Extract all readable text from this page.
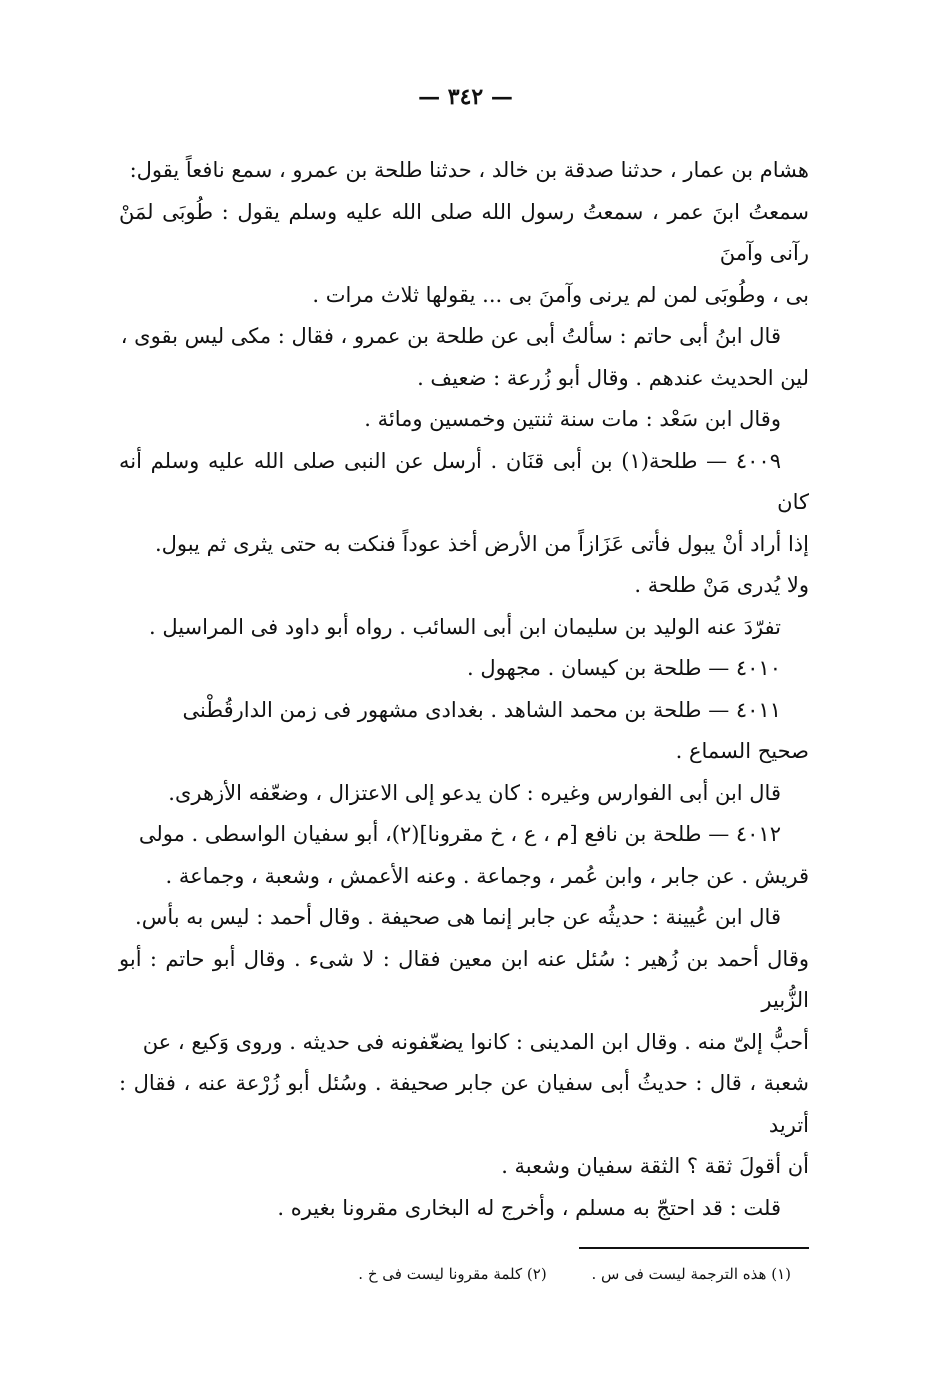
— ٣٤٢ —

هشام بن عمار ، حدثنا صدقة بن خالد ، حدثنا طلحة بن عمرو ، سمع نافعاً يقول:

سمعتُ ابنَ عمر ، سمعتُ رسول الله صلى الله عليه وسلم يقول : طُوبَى لمَنْ رآنى وآمنَ

بى ، وطُوبَى لمن لم يرنى وآمنَ بى ... يقولها ثلاث مرات .

قال ابنُ أبى حاتم : سألتُ أبى عن طلحة بن عمرو ، فقال : مكى ليس بقوى ،

لين الحديث عندهم . وقال أبو زُرعة : ضعيف .

وقال ابن سَعْد : مات سنة ثنتين وخمسين ومائة .

٤٠٠٩ — طلحة(١) بن أبى قنَان . أرسل عن النبى صلى الله عليه وسلم أنه كان

إذا أراد أنْ يبول فأتى عَزَازاً من الأرض أخذ عوداً فنكت به حتى يثرى ثم يبول.

ولا يُدرى مَنْ طلحة .

تفرّدَ عنه الوليد بن سليمان ابن أبى السائب . رواه أبو داود فى المراسيل .

٤٠١٠ — طلحة بن كيسان . مجهول .

٤٠١١ — طلحة بن محمد الشاهد . بغدادى مشهور فى زمن الدارقُطْنى

صحيح السماع .

قال ابن أبى الفوارس وغيره : كان يدعو إلى الاعتزال ، وضعّفه الأزهرى.

٤٠١٢ — طلحة بن نافع [م ، ع ، خ مقرونا](٢)، أبو سفيان الواسطى . مولى

قريش . عن جابر ، وابن عُمر ، وجماعة . وعنه الأعمش ، وشعبة ، وجماعة .

قال ابن عُيينة : حديثُه عن جابر إنما هى صحيفة . وقال أحمد : ليس به بأس.

وقال أحمد بن زُهير : سُئل عنه ابن معين فقال : لا شىء . وقال أبو حاتم : أبو الزُّبير

أحبُّ إلىّ منه . وقال ابن المدينى : كانوا يضعّفونه فى حديثه . وروى وَكيع ، عن

شعبة ، قال : حديثُ أبى سفيان عن جابر صحيفة . وسُئل أبو زُرْعة عنه ، فقال : أتريد

أن أقولَ ثقة ؟ الثقة سفيان وشعبة .

قلت : قد احتجّ به مسلم ، وأخرج له البخارى مقرونا بغيره .

(١) هذه الترجمة ليست فى س . (٢) كلمة مقرونا ليست فى خ .
